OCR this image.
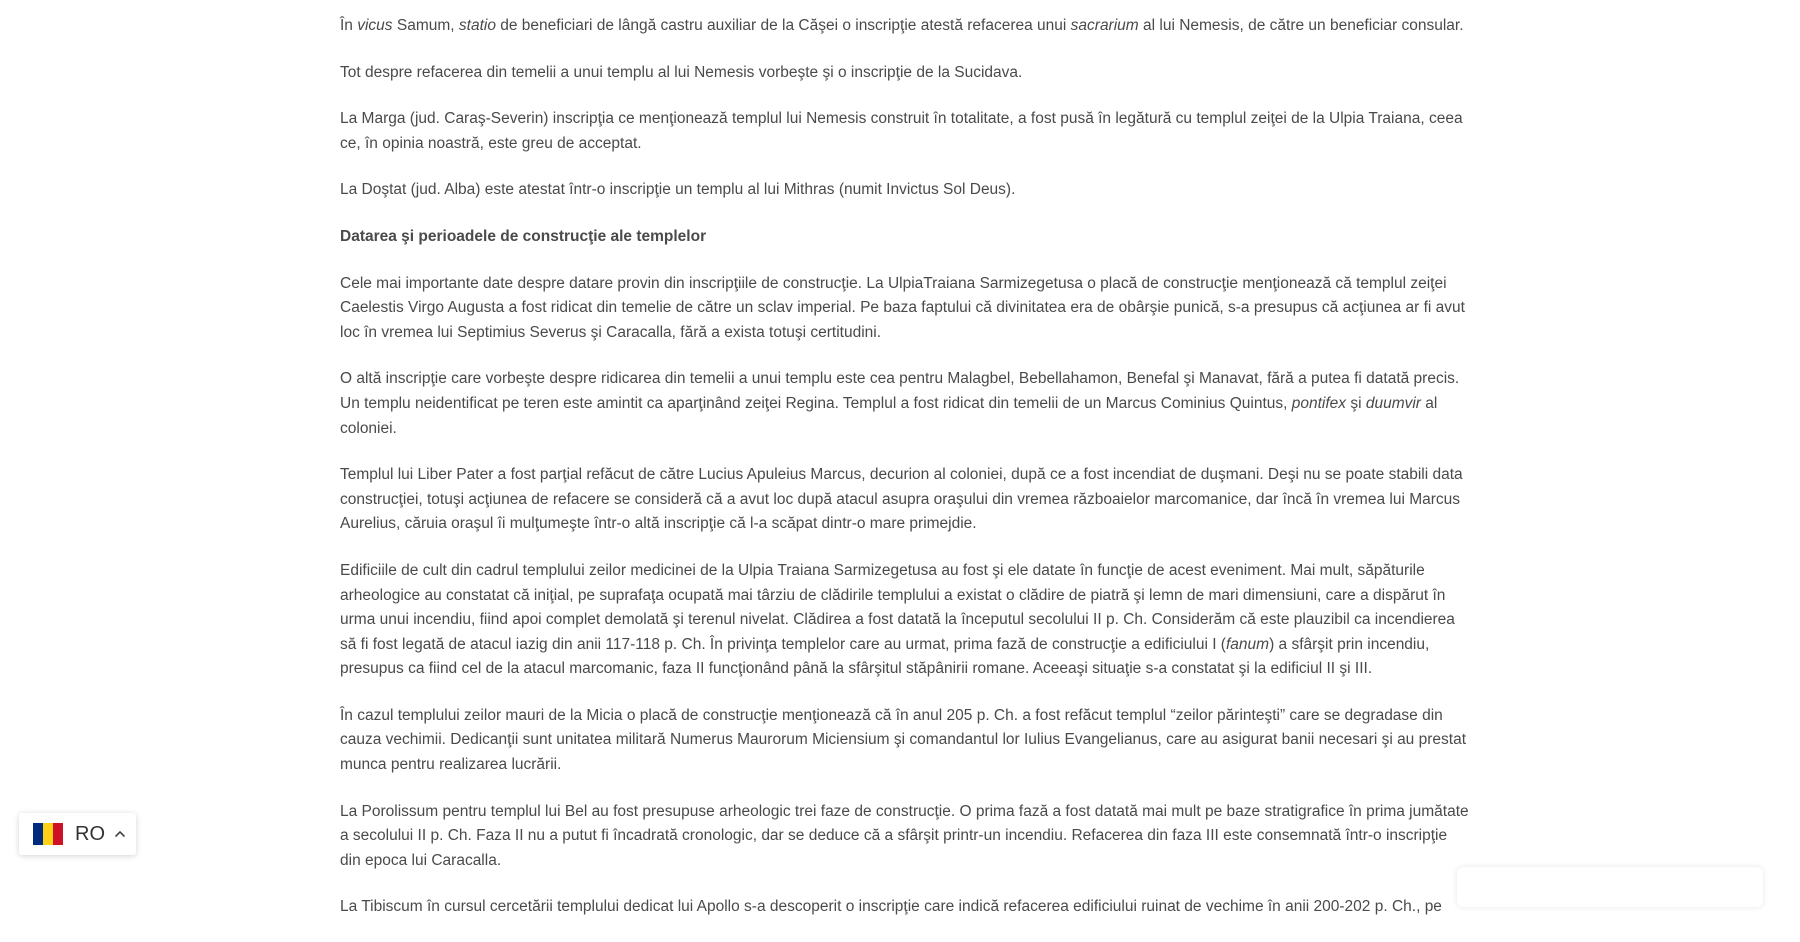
În vicus Samum, statio de beneficiari de lângă castru auxiliar de la Căşei o inscripţie atestă refacerea unui sacrarium al lui Nemesis, de către un beneficiar consular.

Tot despre refacerea din temelii a unui templu al lui Nemesis vorbeşte şi o inscripţie de la Sucidava.

La Marga (jud. Caraş-Severin) inscripţia ce menţionează templul lui Nemesis construit în totalitate, a fost pusă în legătură cu templul zeiţei de la Ulpia Traiana, ceea ce, în opinia noastră, este greu de acceptat.

La Doştat (jud. Alba) este atestat într-o inscripţie un templu al lui Mithras (numit Invictus Sol Deus).

Datarea şi perioadele de construcţie ale templelor

Cele mai importante date despre datare provin din inscripţiile de construcţie. La UlpiaTraiana Sarmizegetusa o placă de construcţie menţionează că templul zeiţei Caelestis Virgo Augusta a fost ridicat din temelie de către un sclav imperial. Pe baza faptului că divinitatea era de obârşie punică, s-a presupus că acţiunea ar fi avut loc în vremea lui Septimius Severus şi Caracalla, fără a exista totuşi certitudini.

O altă inscripţie care vorbeşte despre ridicarea din temelii a unui templu este cea pentru Malagbel, Bebellahamon, Benefal şi Manavat, fără a putea fi datată precis. Un templu neidentificat pe teren este amintit ca aparţinând zeiţei Regina. Templul a fost ridicat din temelii de un Marcus Cominius Quintus, pontifex şi duumvir al coloniei.

Templul lui Liber Pater a fost parţial refăcut de către Lucius Apuleius Marcus, decurion al coloniei, după ce a fost incendiat de duşmani. Deşi nu se poate stabili data construcţiei, totuşi acţiunea de refacere se consideră că a avut loc după atacul asupra oraşului din vremea războaielor marcomanice, dar încă în vremea lui Marcus Aurelius, căruia oraşul îi mulţumeşte într-o altă inscripţie că l-a scăpat dintr-o mare primejdie.

Edificiile de cult din cadrul templului zeilor medicinei de la Ulpia Traiana Sarmizegetusa au fost şi ele datate în funcţie de acest eveniment. Mai mult, săpăturile arheologice au constatat că iniţial, pe suprafaţa ocupată mai târziu de clădirile templului a existat o clădire de piatră şi lemn de mari dimensiuni, care a dispărut în urma unui incendiu, fiind apoi complet demolată şi terenul nivelat. Clădirea a fost datată la începutul secolului II p. Ch. Considerăm că este plauzibil ca incendierea să fi fost legată de atacul iazig din anii 117-118 p. Ch. În privinţa templelor care au urmat, prima fază de construcţie a edificiului I (fanum) a sfârşit prin incendiu, presupus ca fiind cel de la atacul marcomanic, faza II funcţionând până la sfârşitul stăpânirii romane. Aceeaşi situaţie s-a constatat şi la edificiul II şi III.

În cazul templului zeilor mauri de la Micia o placă de construcţie menţionează că în anul 205 p. Ch. a fost refăcut templul “zeilor părinteşti” care se degradase din cauza vechimii. Dedicanţii sunt unitatea militară Numerus Maurorum Miciensium şi comandantul lor Iulius Evangelianus, care au asigurat banii necesari şi au prestat munca pentru realizarea lucrării.

La Porolissum pentru templul lui Bel au fost presupuse arheologic trei faze de construcţie. O prima fază a fost datată mai mult pe baze stratigrafice în prima jumătate a secolului II p. Ch. Faza II nu a putut fi încadrată cronologic, dar se deduce că a sfârşit printr-un incendiu. Refacerea din faza III este consemnată într-o inscripţie din epoca lui Caracalla.

La Tibiscum în cursul cercetării templului dedicat lui Apollo s-a descoperit o inscripţie care indică refacerea edificiului ruinat de vechime în anii 200-202 p. Ch., pe

RO
